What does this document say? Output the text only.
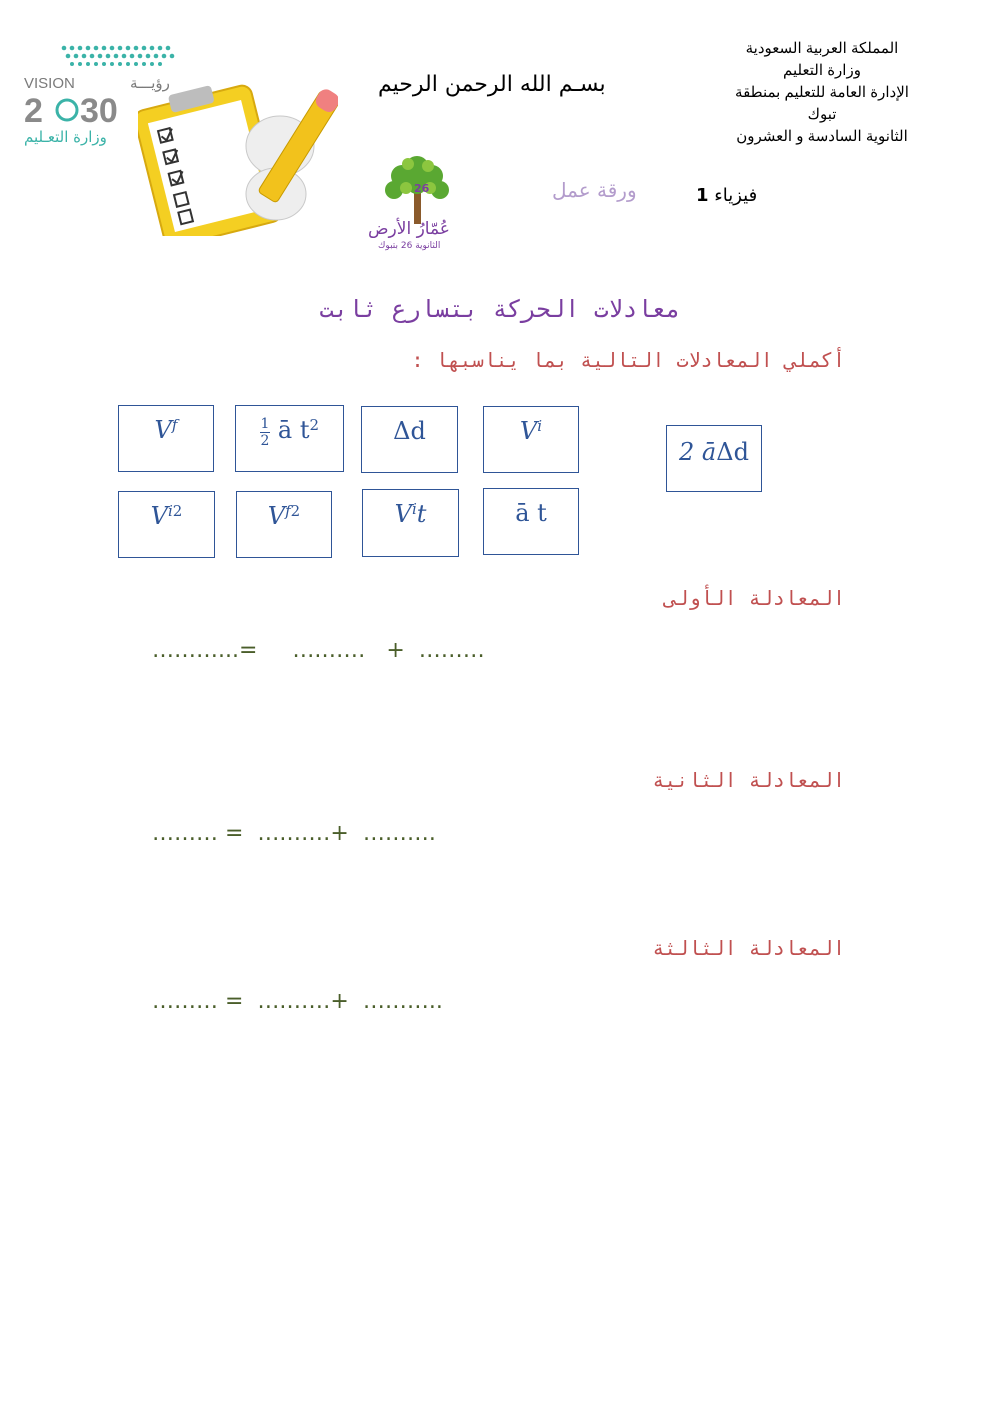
VISION	رؤيـــة
2 30
وزارة التعـليم
26
عُمّارُ الأرض
الثانوية 26 بتبوك
المملكة العربية السعودية
وزارة التعليم
الإدارة العامة للتعليم بمنطقة
تبوك
الثانوية السادسة و العشرون
بسـم الله الرحمن الرحيم
ورقة عمل	فيزياء 1
معادلات الحركة بتسارع ثابت
أكملي المعادلات التالية بما يناسبها :
V f	$\frac{1}{2}$ ā t 2	Δd	V i
2 ā Δd
V i 2	V f 2	V i t	ā t
المعادلة الأولى
………...=     ….……   +  ………
المعادلة الثانية
……… =  ….……+  ……….
المعادلة الثالثة
……… =  ….……+  ………..
